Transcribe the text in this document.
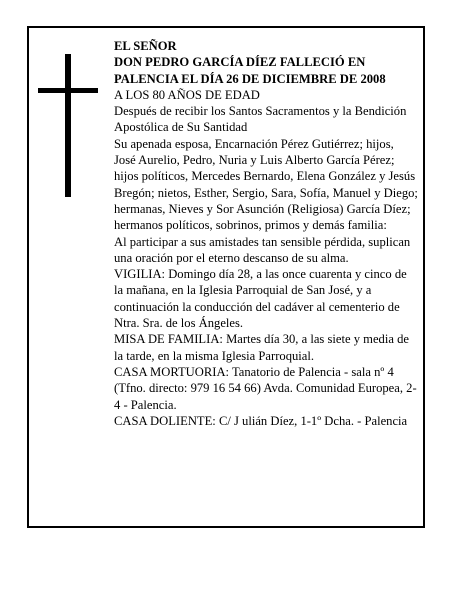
EL SEÑOR

DON PEDRO GARCÍA DÍEZ FALLECIÓ EN PALENCIA EL DÍA 26 DE DICIEMBRE DE 2008

A LOS 80 AÑOS DE EDAD

Después de recibir los Santos Sacramentos y la Bendición Apostólica de Su Santidad

Su apenada esposa, Encarnación Pérez Gutiérrez; hijos, José Aurelio, Pedro, Nuria y Luis Alberto García Pérez; hijos políticos, Mercedes Bernardo, Elena González y Jesús Bregón; nietos, Esther, Sergio, Sara, Sofía, Manuel y Diego; hermanas, Nieves y Sor Asunción (Religiosa) García Díez; hermanos políticos, sobrinos, primos y demás familia:

Al participar a sus amistades tan sensible pérdida, suplican una oración por el eterno descanso de su alma.

VIGILIA: Domingo día 28, a las once cuarenta y cinco de la mañana, en la Iglesia Parroquial de San José, y a continuación la conducción del cadáver al cementerio de Ntra. Sra. de los Ángeles.

MISA DE FAMILIA: Martes día 30, a las siete y media de la tarde, en la misma Iglesia Parroquial.

CASA MORTUORIA: Tanatorio de Palencia - sala nº 4 (Tfno. directo: 979 16 54 66) Avda. Comunidad Europea, 2-4 - Palencia.

CASA DOLIENTE: C/ J ulián Díez, 1-1º Dcha. - Palencia
